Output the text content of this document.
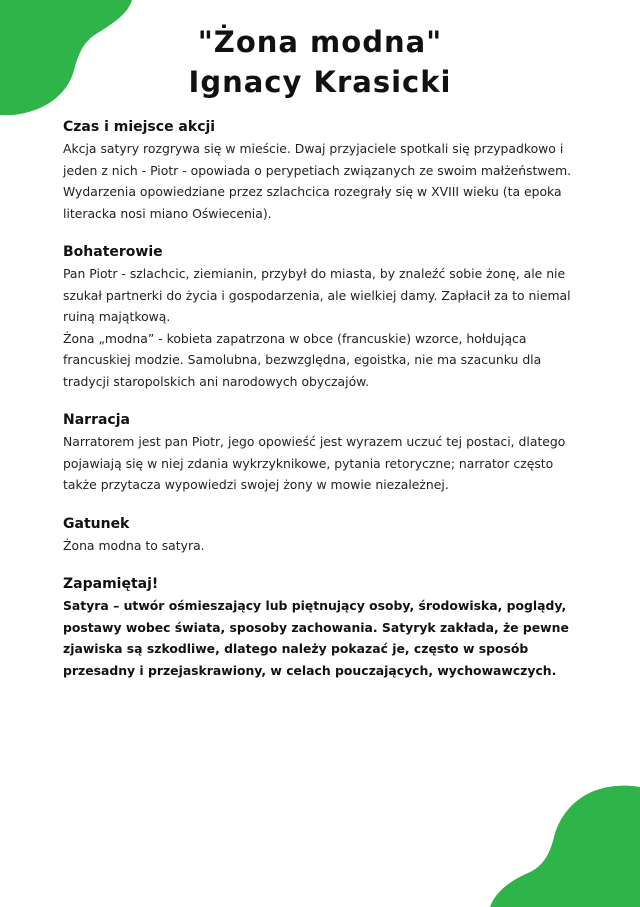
"Żona modna"
Ignacy Krasicki
Czas i miejsce akcji

Akcja satyry rozgrywa się w mieście. Dwaj przyjaciele spotkali się przypadkowo i jeden z nich - Piotr - opowiada o perypetiach związanych ze swoim małżeństwem. Wydarzenia opowiedziane przez szlachcica rozegrały się w XVIII wieku (ta epoka literacka nosi miano Oświecenia).

Bohaterowie

Pan Piotr - szlachcic, ziemianin, przybył do miasta, by znaleźć sobie żonę, ale nie szukał partnerki do życia i gospodarzenia, ale wielkiej damy. Zapłacił za to niemal ruiną majątkową.

Żona „modna” - kobieta zapatrzona w obce (francuskie) wzorce, hołdująca francuskiej modzie. Samolubna, bezwzględna, egoistka, nie ma szacunku dla tradycji staropolskich ani narodowych obyczajów.

Narracja

Narratorem jest pan Piotr, jego opowieść jest wyrazem uczuć tej postaci, dlatego pojawiają się w niej zdania wykrzyknikowe, pytania retoryczne; narrator często także przytacza wypowiedzi swojej żony w mowie niezależnej.

Gatunek

Żona modna to satyra.

Zapamiętaj!

Satyra – utwór ośmieszający lub piętnujący osoby, środowiska, poglądy, postawy wobec świata, sposoby zachowania. Satyryk zakłada, że pewne zjawiska są szkodliwe, dlatego należy pokazać je, często w sposób przesadny i przejaskrawiony, w celach pouczających, wychowawczych.
